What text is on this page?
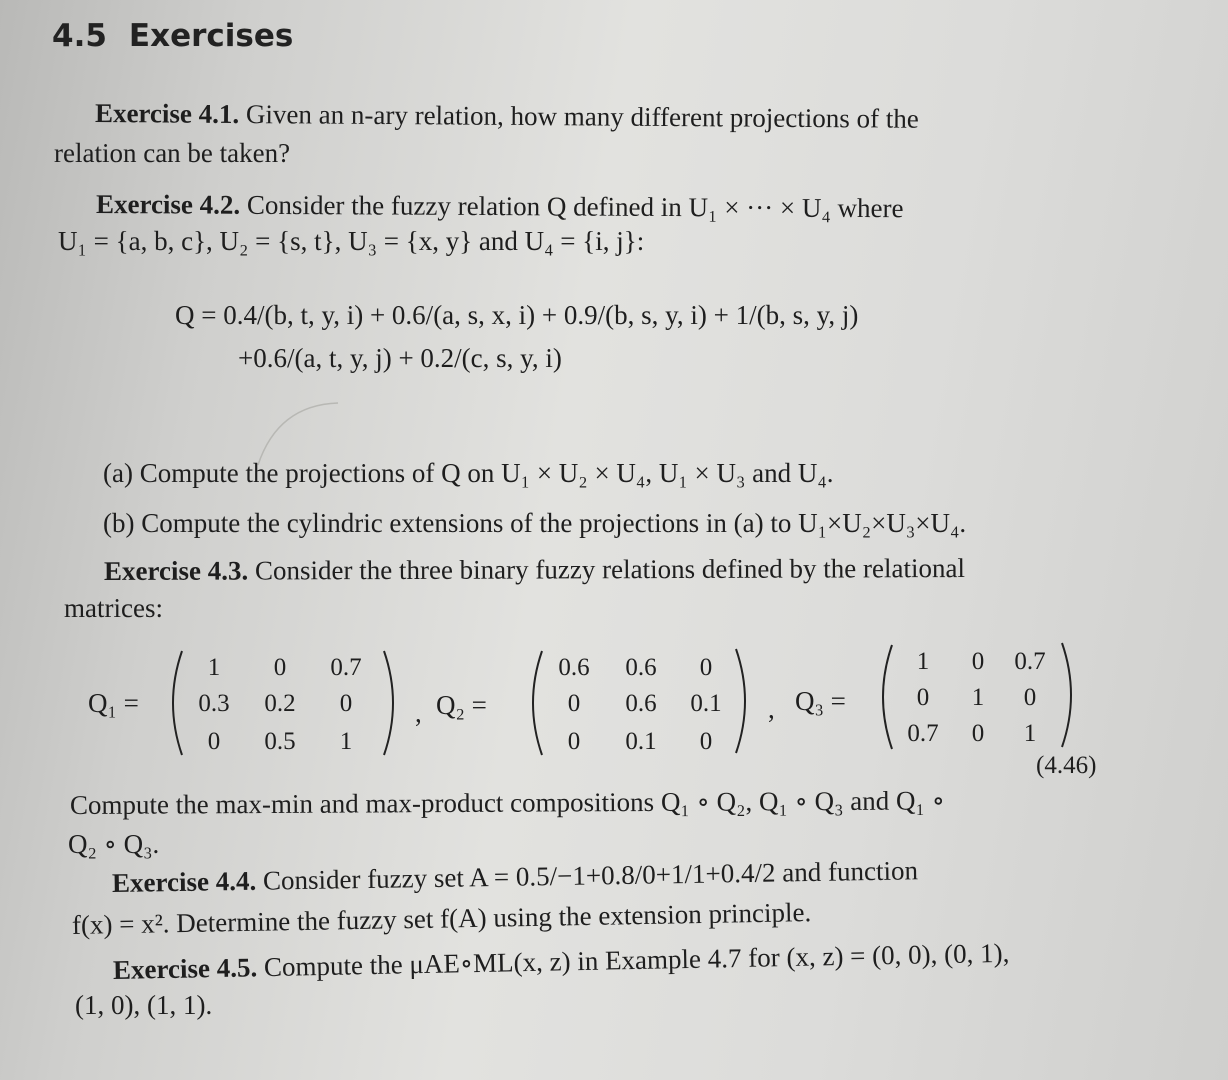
4.5 Exercises
Exercise 4.1. Given an n-ary relation, how many different projections of the
relation can be taken?
Exercise 4.2. Consider the fuzzy relation Q defined in U₁ × ··· × U₄ where
U₁ = {a, b, c}, U₂ = {s, t}, U₃ = {x, y} and U₄ = {i, j}:
Q = 0.4/(b, t, y, i) + 0.6/(a, s, x, i) + 0.9/(b, s, y, i) + 1/(b, s, y, j)
+0.6/(a, t, y, j) + 0.2/(c, s, y, i)
(a) Compute the projections of Q on U₁ × U₂ × U₄, U₁ × U₃ and U₄.
(b) Compute the cylindric extensions of the projections in (a) to U₁×U₂×U₃×U₄.
Exercise 4.3. Consider the three binary fuzzy relations defined by the relational
matrices:
Q₁ =
1 0 0.7
0.3 0.2 0
0 0.5 1
, Q₂ =
0.6 0.6 0
0 0.6 0.1
0 0.1 0
, Q₃ =
1 0 0.7
0 1 0
0.7 0 1
(4.46)
Compute the max-min and max-product compositions Q₁ ∘ Q₂, Q₁ ∘ Q₃ and Q₁ ∘
Q₂ ∘ Q₃.
Exercise 4.4. Consider fuzzy set A = 0.5/−1+0.8/0+1/1+0.4/2 and function
f(x) = x². Determine the fuzzy set f(A) using the extension principle.
Exercise 4.5. Compute the μAE∘ML(x, z) in Example 4.7 for (x, z) = (0, 0), (0, 1),
(1, 0), (1, 1).
